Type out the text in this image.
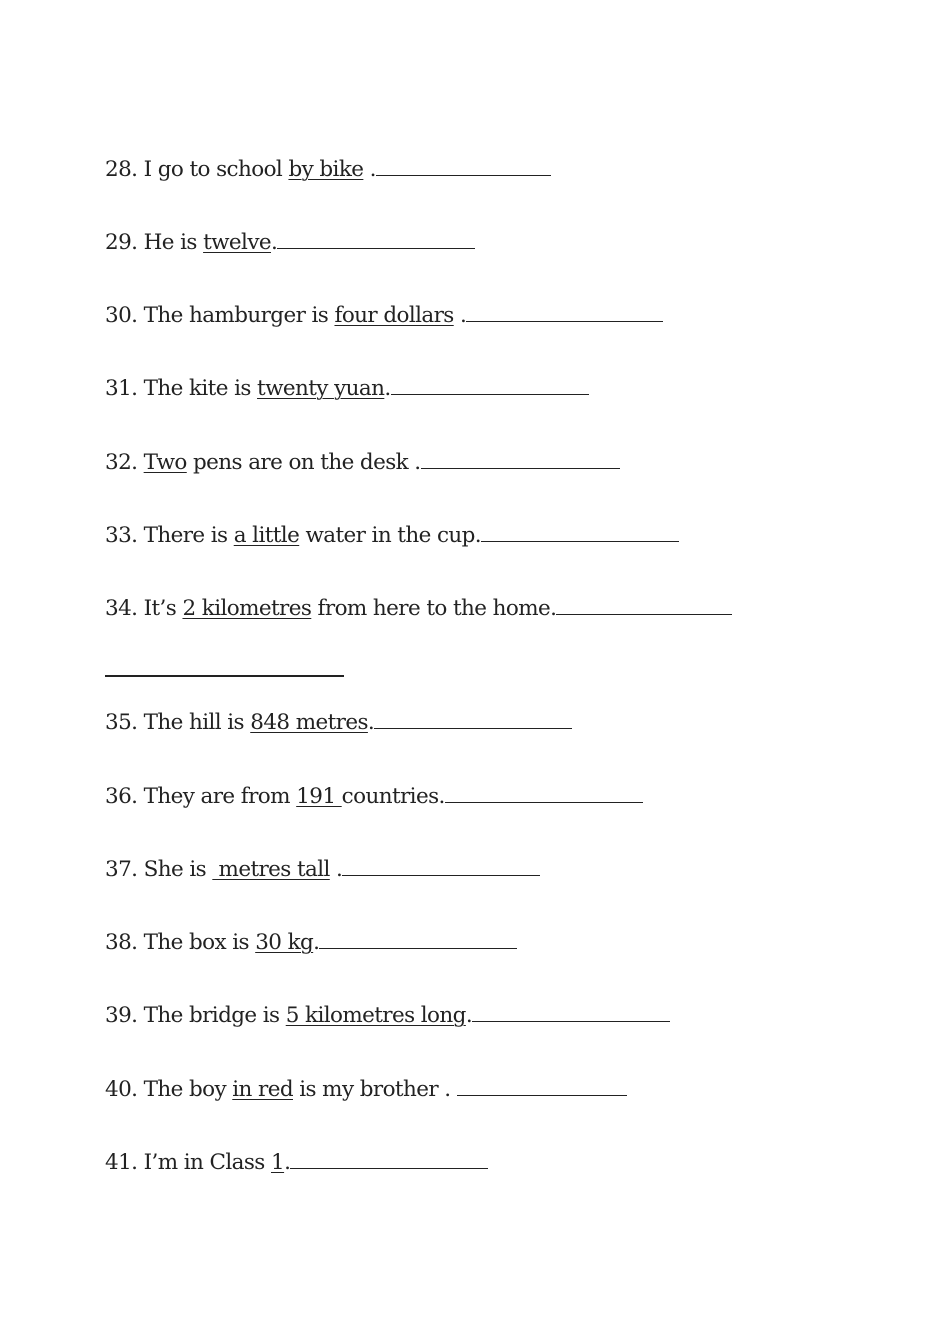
28. I go to school by bike .
29. He is twelve.
30. The hamburger is four dollars .
31. The kite is twenty yuan.
32. Two pens are on the desk .
33. There is a little water in the cup.
34. It’s 2 kilometres from here to the home.
35. The hill is 848 metres.
36. They are from 191 countries.
37. She is  metres tall .
38. The box is 30 kg.
39. The bridge is 5 kilometres long.
40. The boy in red is my brother .
41. I’m in Class 1.
